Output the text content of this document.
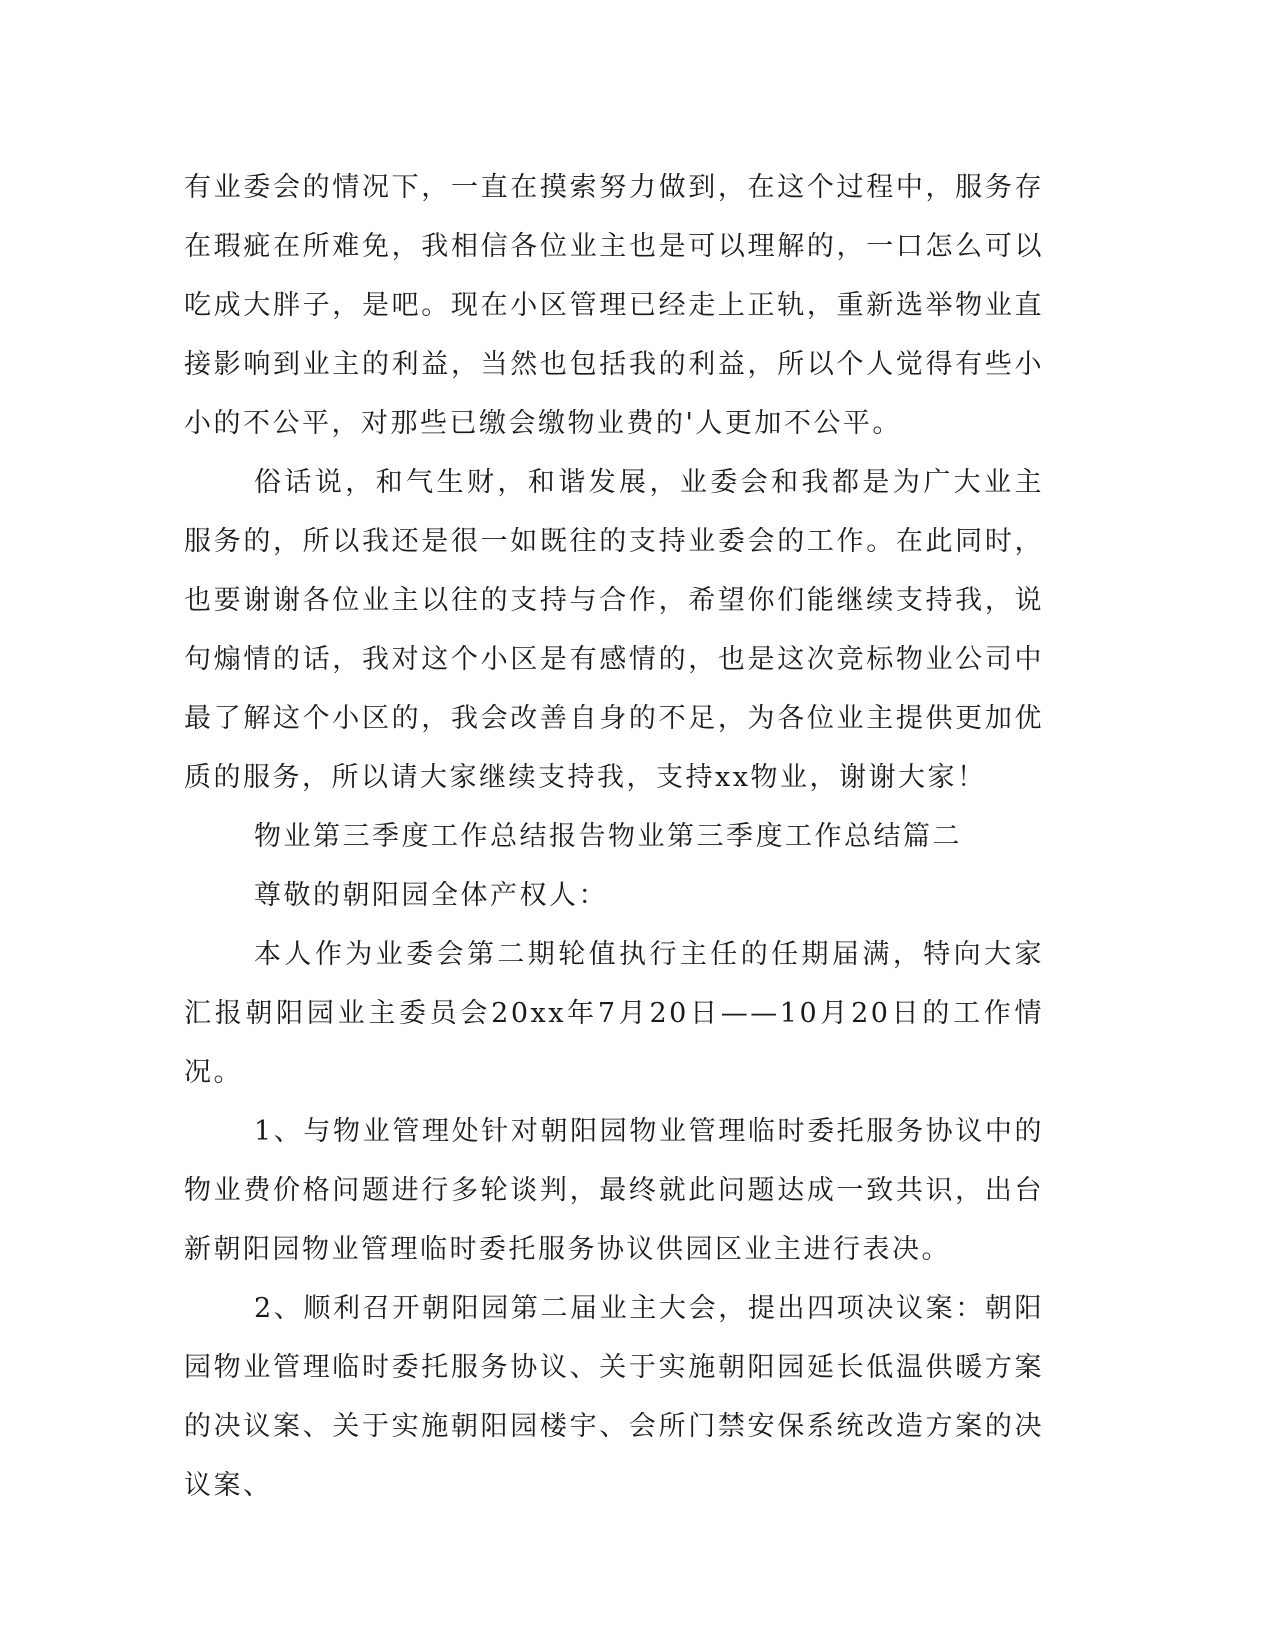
有业委会的情况下，一直在摸索努力做到，在这个过程中，服务存在瑕疵在所难免，我相信各位业主也是可以理解的，一口怎么可以吃成大胖子，是吧。现在小区管理已经走上正轨，重新选举物业直接影响到业主的利益，当然也包括我的利益，所以个人觉得有些小小的不公平，对那些已缴会缴物业费的'人更加不公平。

俗话说，和气生财，和谐发展，业委会和我都是为广大业主服务的，所以我还是很一如既往的支持业委会的工作。在此同时，也要谢谢各位业主以往的支持与合作，希望你们能继续支持我，说句煽情的话，我对这个小区是有感情的，也是这次竞标物业公司中最了解这个小区的，我会改善自身的不足，为各位业主提供更加优质的服务，所以请大家继续支持我，支持xx物业，谢谢大家！

物业第三季度工作总结报告物业第三季度工作总结篇二

尊敬的朝阳园全体产权人：

本人作为业委会第二期轮值执行主任的任期届满，特向大家汇报朝阳园业主委员会20xx年7月20日——10月20日的工作情况。

1、与物业管理处针对朝阳园物业管理临时委托服务协议中的物业费价格问题进行多轮谈判，最终就此问题达成一致共识，出台新朝阳园物业管理临时委托服务协议供园区业主进行表决。

2、顺利召开朝阳园第二届业主大会，提出四项决议案：朝阳园物业管理临时委托服务协议、关于实施朝阳园延长低温供暖方案的决议案、关于实施朝阳园楼宇、会所门禁安保系统改造方案的决议案、
